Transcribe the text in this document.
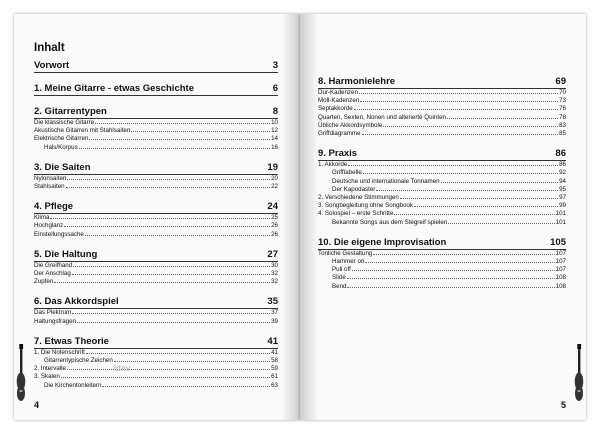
Inhalt
Vorwort	3
1. Meine Gitarre - etwas Geschichte	6
2. Gitarrentypen	8
Die klassische Gitarre	10
Akustische Gitarren mit Stahlsaiten	12
Elektrische Gitarren	14
Hals/Korpus	16
3. Die Saiten	19
Nylonsaiten	20
Stahlsaiten	22
4. Pflege	24
Klima	25
Hochglanz	26
Einstellungssache	26
5. Die Haltung	27
Die Greifhand	30
Der Anschlag	32
Zupfen	32
6. Das Akkordspiel	35
Das Plektrum	37
Haltungsfragen	39
7. Etwas Theorie	41
1. Die Notenschrift	41
Gitarrentypische Zeichen	58
2. Intervalle	59
3. Skalen	61
Die Kirchentonleitern	63
idnv
4
8. Harmonielehre	69
Dur-Kadenzen	70
Moll-Kadenzen	73
Septakkorde	76
Quarten, Sexten, Nonen und alterierte Quinten	78
Übliche Akkordsymbole	83
Griffdiagramme	85
9. Praxis	86
1. Akkorde	86
Grifftabelle	92
Deutsche und internationale Tonnamen	94
Der Kapodaster	95
2. Verschiedene Stimmungen	97
3. Songbegleitung ohne Songbook	99
4. Solospiel – erste Schritte	101
Bekannte Songs aus dem Stegreif spielen	101
10. Die eigene Improvisation	105
Tonliche Gestaltung	107
Hammer on	107
Pull off	107
Slide	108
Bend	108
5
